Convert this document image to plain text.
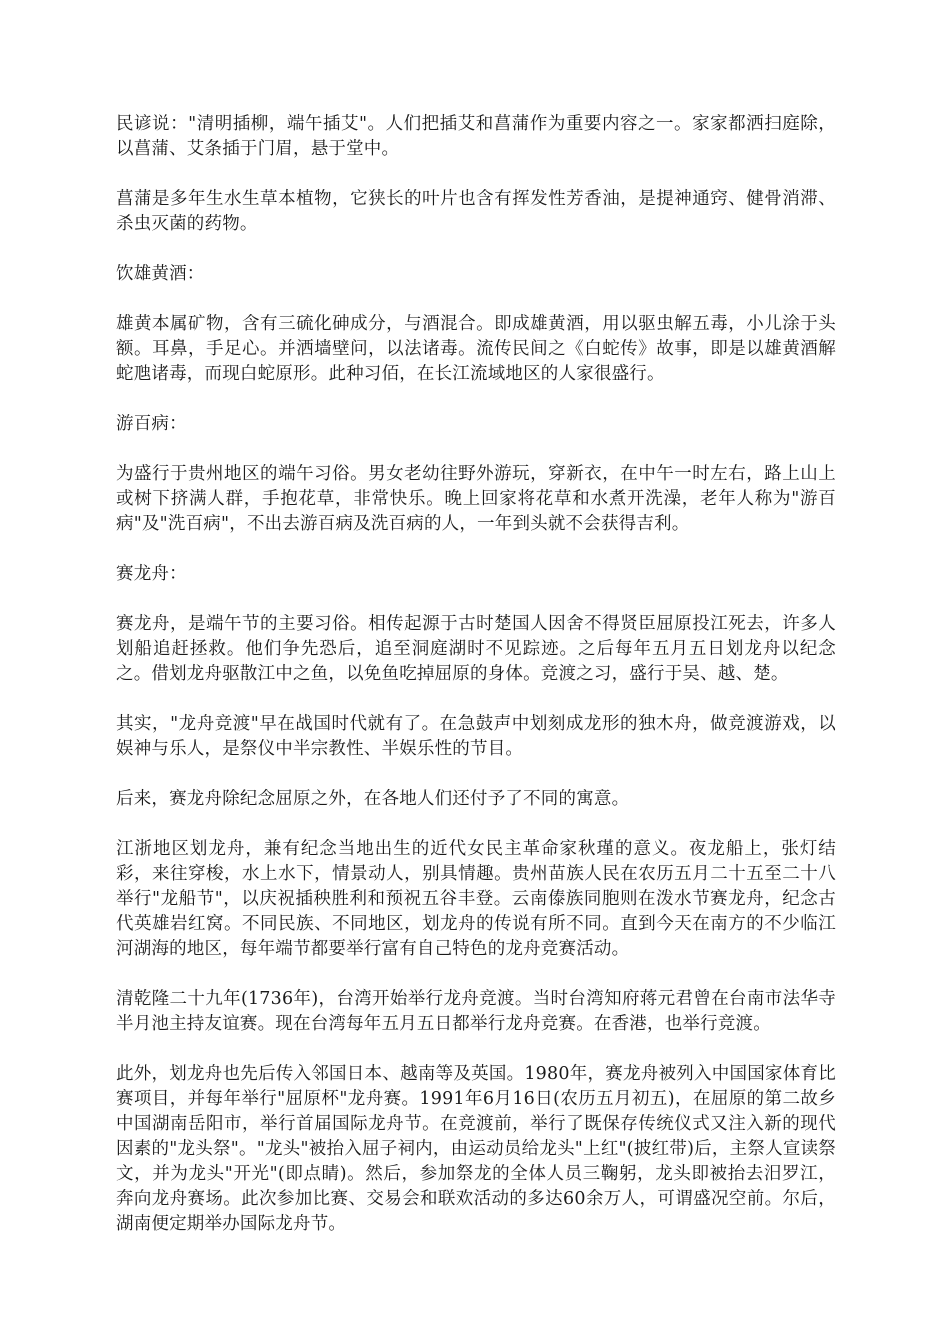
民谚说："清明插柳，端午插艾"。人们把插艾和菖蒲作为重要内容之一。家家都洒扫庭除，以菖蒲、艾条插于门眉，悬于堂中。

菖蒲是多年生水生草本植物，它狭长的叶片也含有挥发性芳香油，是提神通窍、健骨消滞、杀虫灭菌的药物。

饮雄黄酒：

雄黄本属矿物，含有三硫化砷成分，与酒混合。即成雄黄酒，用以驱虫解五毒，小儿涂于头额。耳鼻，手足心。并洒墙壁问，以法诸毒。流传民间之《白蛇传》故事，即是以雄黄酒解蛇虺诸毒，而现白蛇原形。此种习佰，在长江流域地区的人家很盛行。

游百病：

为盛行于贵州地区的端午习俗。男女老幼往野外游玩，穿新衣，在中午一时左右，路上山上或树下挤满人群，手抱花草，非常快乐。晚上回家将花草和水煮开洗澡，老年人称为"游百病"及"洗百病"，不出去游百病及洗百病的人，一年到头就不会获得吉利。

赛龙舟：

赛龙舟，是端午节的主要习俗。相传起源于古时楚国人因舍不得贤臣屈原投江死去，许多人划船追赶拯救。他们争先恐后，追至洞庭湖时不见踪迹。之后每年五月五日划龙舟以纪念之。借划龙舟驱散江中之鱼，以免鱼吃掉屈原的身体。竞渡之习，盛行于吴、越、楚。

其实，"龙舟竞渡"早在战国时代就有了。在急鼓声中划刻成龙形的独木舟，做竞渡游戏，以娱神与乐人，是祭仪中半宗教性、半娱乐性的节目。

后来，赛龙舟除纪念屈原之外，在各地人们还付予了不同的寓意。

江浙地区划龙舟，兼有纪念当地出生的近代女民主革命家秋瑾的意义。夜龙船上，张灯结彩，来往穿梭，水上水下，情景动人，别具情趣。贵州苗族人民在农历五月二十五至二十八举行"龙船节"，以庆祝插秧胜利和预祝五谷丰登。云南傣族同胞则在泼水节赛龙舟，纪念古代英雄岩红窝。不同民族、不同地区，划龙舟的传说有所不同。直到今天在南方的不少临江河湖海的地区，每年端节都要举行富有自己特色的龙舟竞赛活动。

清乾隆二十九年(1736年)，台湾开始举行龙舟竞渡。当时台湾知府蒋元君曾在台南市法华寺半月池主持友谊赛。现在台湾每年五月五日都举行龙舟竞赛。在香港，也举行竞渡。

此外，划龙舟也先后传入邻国日本、越南等及英国。1980年，赛龙舟被列入中国国家体育比赛项目，并每年举行"屈原杯"龙舟赛。1991年6月16日(农历五月初五)，在屈原的第二故乡中国湖南岳阳市，举行首届国际龙舟节。在竞渡前，举行了既保存传统仪式又注入新的现代因素的"龙头祭"。"龙头"被抬入屈子祠内，由运动员给龙头"上红"(披红带)后，主祭人宣读祭文，并为龙头"开光"(即点睛)。然后，参加祭龙的全体人员三鞠躬，龙头即被抬去汨罗江，奔向龙舟赛场。此次参加比赛、交易会和联欢活动的多达60余万人，可谓盛况空前。尔后，湖南便定期举办国际龙舟节。
